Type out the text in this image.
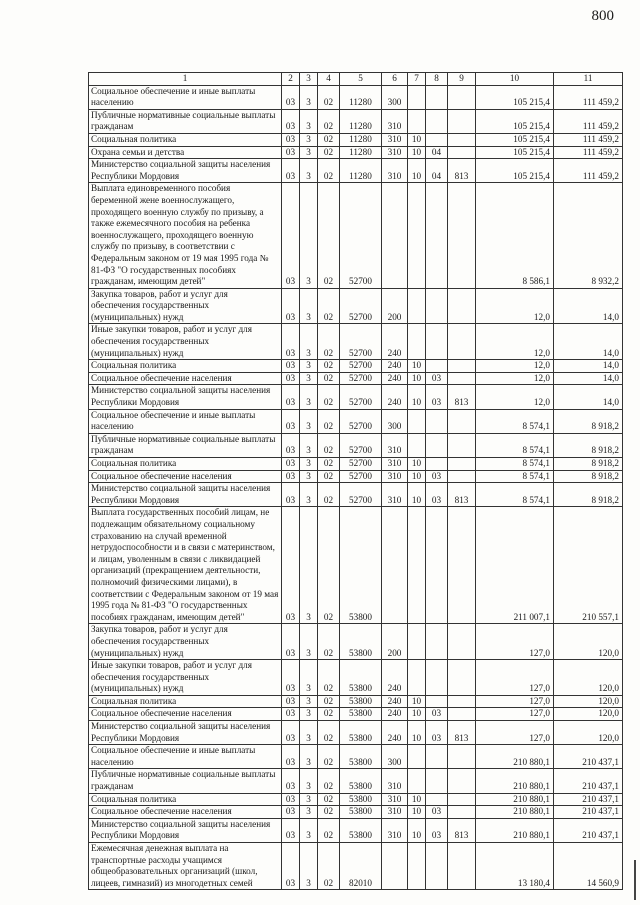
800
1	2	3	4	5	6	7	8	9	10	11
Социальное обеспечение и иные выплаты населению	03	3	02	11280	300				105 215,4	111 459,2
Публичные нормативные социальные выплаты гражданам	03	3	02	11280	310				105 215,4	111 459,2
Социальная политика	03	3	02	11280	310	10			105 215,4	111 459,2
Охрана семьи и детства	03	3	02	11280	310	10	04		105 215,4	111 459,2
Министерство социальной защиты населения Республики Мордовия	03	3	02	11280	310	10	04	813	105 215,4	111 459,2
Выплата единовременного пособия беременной жене военнослужащего, проходящего военную службу по призыву, а также ежемесячного пособия на ребенка военнослужащего, проходящего военную службу по призыву, в соответствии с Федеральным законом от 19 мая 1995 года № 81-ФЗ "О государственных пособиях гражданам, имеющим детей"	03	3	02	52700					8 586,1	8 932,2
Закупка товаров, работ и услуг для обеспечения государственных (муниципальных) нужд	03	3	02	52700	200				12,0	14,0
Иные закупки товаров, работ и услуг для обеспечения государственных (муниципальных) нужд	03	3	02	52700	240				12,0	14,0
Социальная политика	03	3	02	52700	240	10			12,0	14,0
Социальное обеспечение населения	03	3	02	52700	240	10	03		12,0	14,0
Министерство социальной защиты населения Республики Мордовия	03	3	02	52700	240	10	03	813	12,0	14,0
Социальное обеспечение и иные выплаты населению	03	3	02	52700	300				8 574,1	8 918,2
Публичные нормативные социальные выплаты гражданам	03	3	02	52700	310				8 574,1	8 918,2
Социальная политика	03	3	02	52700	310	10			8 574,1	8 918,2
Социальное обеспечение населения	03	3	02	52700	310	10	03		8 574,1	8 918,2
Министерство социальной защиты населения Республики Мордовия	03	3	02	52700	310	10	03	813	8 574,1	8 918,2
Выплата государственных пособий лицам, не подлежащим обязательному социальному страхованию на случай временной нетрудоспособности и в связи с материнством, и лицам, уволенным в связи с ликвидацией организаций (прекращением деятельности, полномочий физическими лицами), в соответствии с Федеральным законом от 19 мая 1995 года № 81-ФЗ "О государственных пособиях гражданам, имеющим детей"	03	3	02	53800					211 007,1	210 557,1
Закупка товаров, работ и услуг для обеспечения государственных (муниципальных) нужд	03	3	02	53800	200				127,0	120,0
Иные закупки товаров, работ и услуг для обеспечения государственных (муниципальных) нужд	03	3	02	53800	240				127,0	120,0
Социальная политика	03	3	02	53800	240	10			127,0	120,0
Социальное обеспечение населения	03	3	02	53800	240	10	03		127,0	120,0
Министерство социальной защиты населения Республики Мордовия	03	3	02	53800	240	10	03	813	127,0	120,0
Социальное обеспечение и иные выплаты населению	03	3	02	53800	300				210 880,1	210 437,1
Публичные нормативные социальные выплаты гражданам	03	3	02	53800	310				210 880,1	210 437,1
Социальная политика	03	3	02	53800	310	10			210 880,1	210 437,1
Социальное обеспечение населения	03	3	02	53800	310	10	03		210 880,1	210 437,1
Министерство социальной защиты населения Республики Мордовия	03	3	02	53800	310	10	03	813	210 880,1	210 437,1
Ежемесячная денежная выплата на транспортные расходы учащимся общеобразовательных организаций (школ, лицеев, гимназий) из многодетных семей	03	3	02	82010					13 180,4	14 560,9
